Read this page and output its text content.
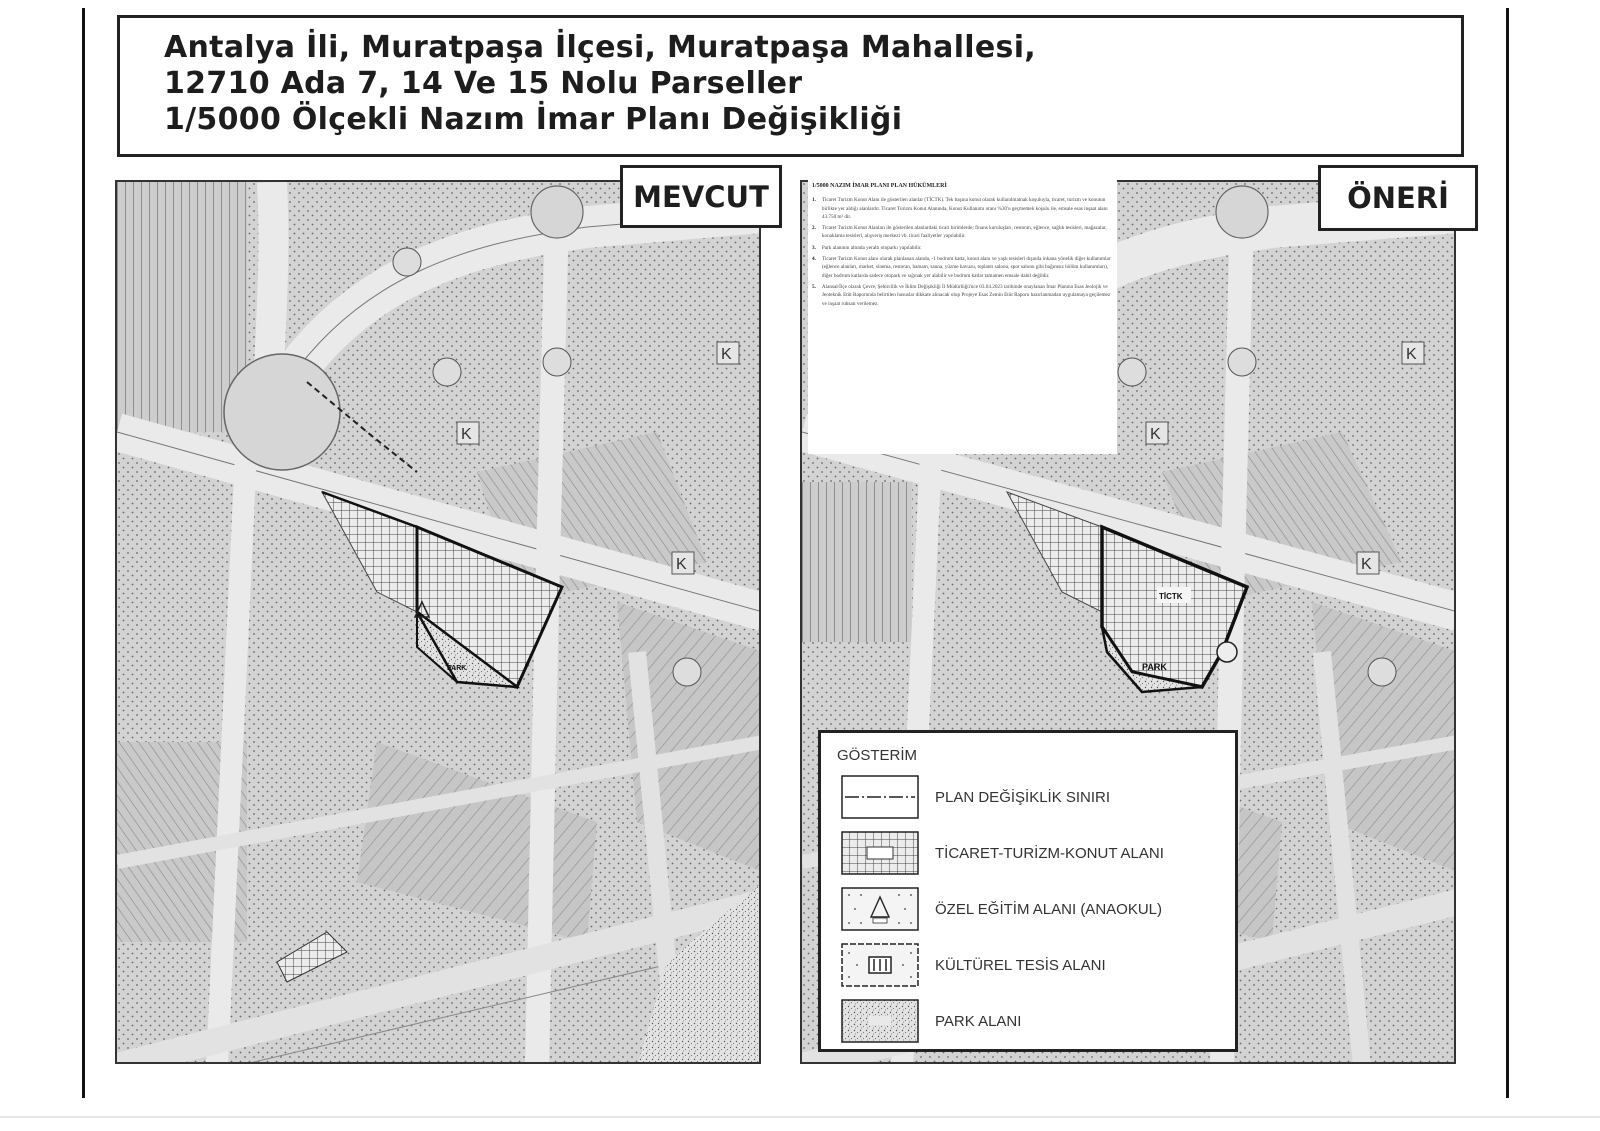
Antalya İli, Muratpaşa İlçesi, Muratpaşa Mahallesi,
12710 Ada 7, 14 Ve 15 Nolu Parseller
1/5000 Ölçekli Nazım İmar Planı Değişikliği
K
K
K
PARK
MEVCUT
K
K
K
TİCTK
PARK
1/5000 NAZIM İMAR PLANI PLAN HÜKÜMLERİ
1. Ticaret Turizm Konut Alanı ile gösterilen alanlar (TİCTK). Tek başına konut olarak kullanılmamak koşuluyla, ticaret, turizm ve konutun birlikte yer aldığı alanlardır. Ticaret Turizm Konut Alanında, Konut Kullanımı oranı %30'u geçmemek koşulu ile, emsale esas inşaat alanı 43.750 m² dir.
2. Ticaret Turizm Konut Alanları ile gösterilen alanlardaki ticari birimlerde; finans kuruluşları, restoran, eğlence, sağlık tesisleri, mağazalar, konaklama tesisleri, alışveriş merkezi vb. ticari faaliyetler yapılabilir.
3. Park alanının altında yeraltı otoparkı yapılabilir.
4. Ticaret Turizm Konut alanı olarak planlanan alanda, -1 bodrum katta, konut alanı ve yaşlı tesisleri dışında inkana yönelik diğer kullanımlar (eğlence alanları, market, sinema, restoran, hamam, sauna, yüzme havuzu, toplantı salonu, spor salonu gibi bağımsız bölüm kullanımları), diğer bodrum katlarda sadece otopark ve sığınak yer alabilir ve bodrum katlar tamamen emsale dahil değildir.
5. Alansal/İlçe olarak Çevre, Şehircilik ve İklim Değişikliği İl Müdürlüğü'nce 03.04.2023 tarihinde onaylanan İmar Planına Esas Jeolojik ve Jeoteknik Etüt Raporunda belirtilen hususlar dikkate alınacak olup Projeye Esas Zemin Etüt Raporu hazırlanmadan uygulamaya geçilemez ve inşaat ruhsatı verilemez.
ÖNERİ
GÖSTERİM
PLAN DEĞİŞİKLİK SINIRI
TİCARET-TURİZM-KONUT ALANI
ÖZEL EĞİTİM ALANI (ANAOKUL)
KÜLTÜREL TESİS ALANI
PARK ALANI
